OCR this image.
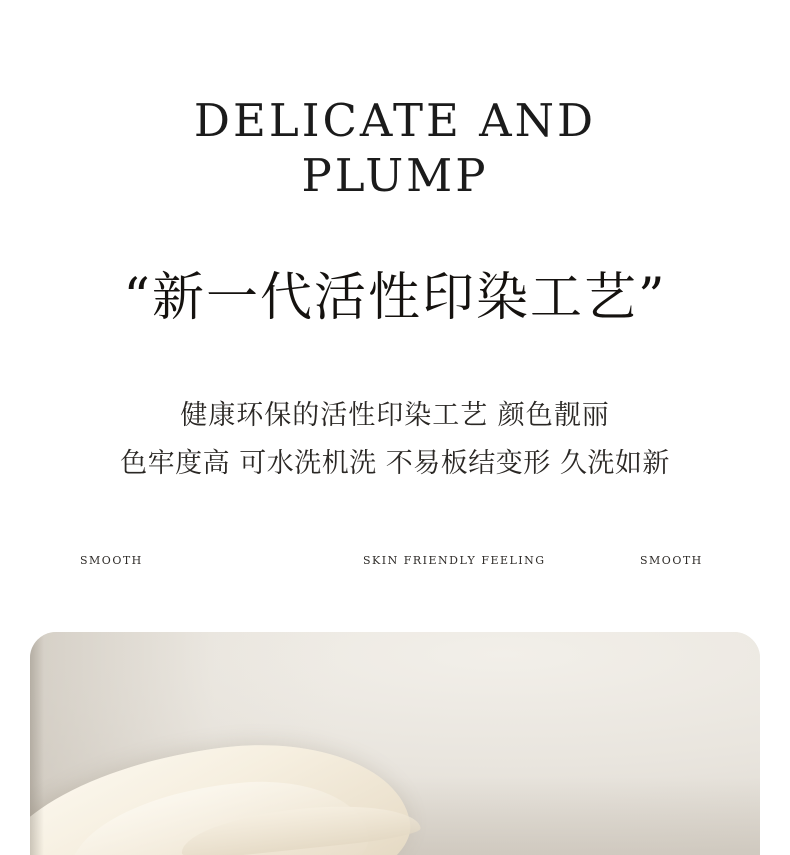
DELICATE AND
PLUMP
“新一代活性印染工艺”
健康环保的活性印染工艺 颜色靓丽
色牢度高 可水洗机洗 不易板结变形 久洗如新
SMOOTH	SKIN FRIENDLY FEELING	SMOOTH
